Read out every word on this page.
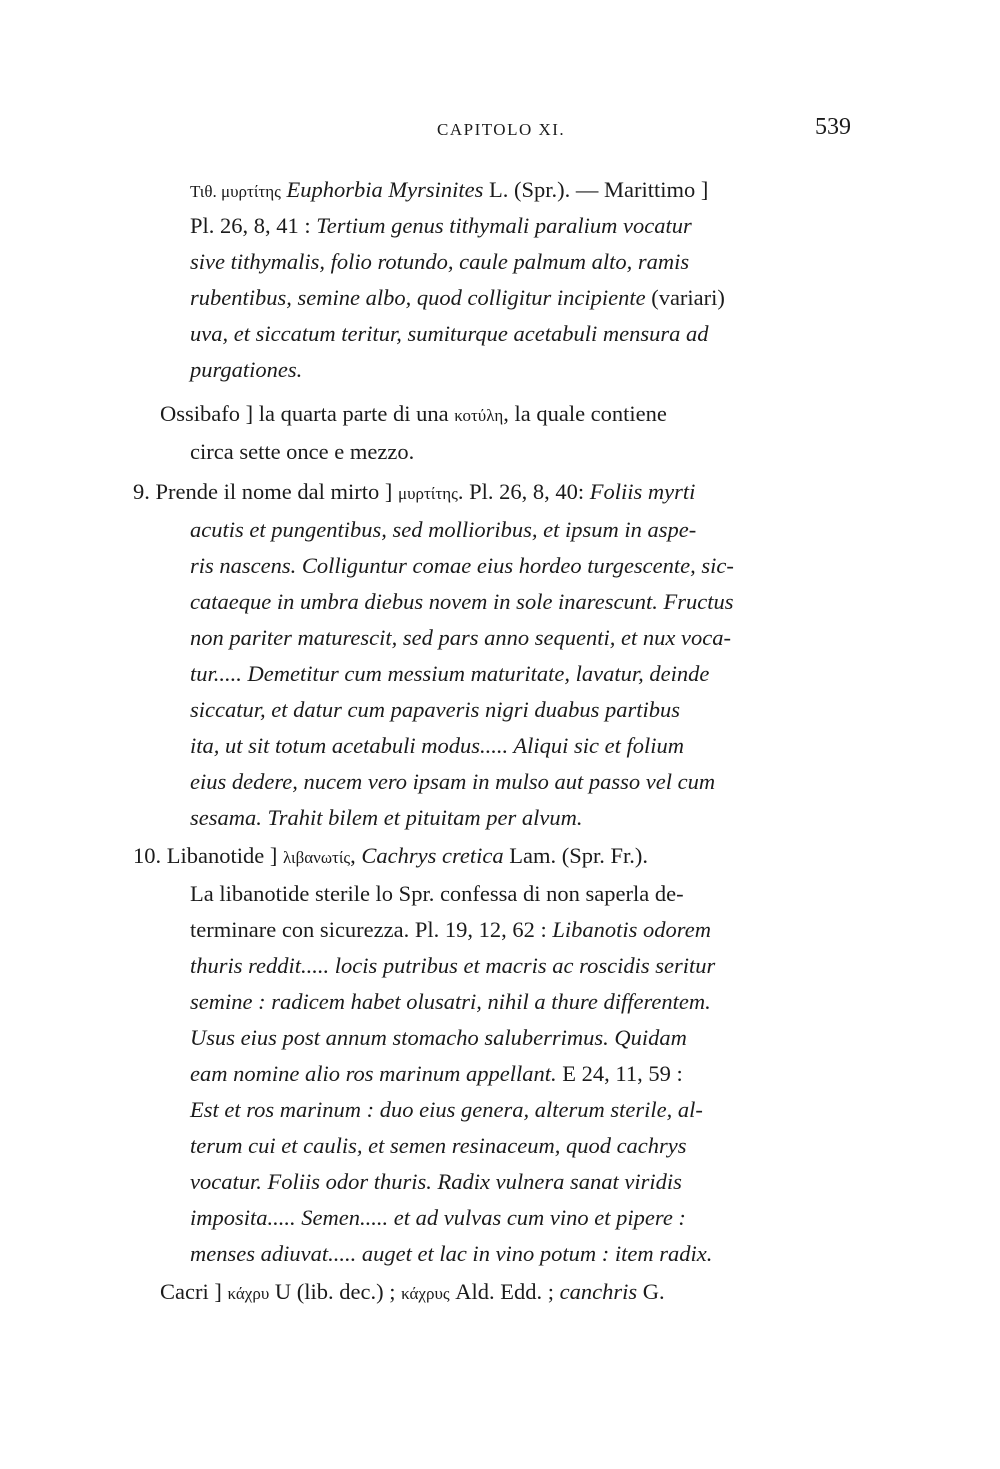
CAPITOLO XI.	539
Τιθ. μυρτίτης Euphorbia Myrsinites L. (Spr.). — Marittimo ]
Pl. 26, 8, 41 : Tertium genus tithymali paralium vocatur
sive tithymalis, folio rotundo, caule palmum alto, ramis
rubentibus, semine albo, quod colligitur incipiente (variari)
uva, et siccatum teritur, sumiturque acetabuli mensura ad
purgationes.
Ossibafo ] la quarta parte di una κοτύλη, la quale contiene
circa sette once e mezzo.
9. Prende il nome dal mirto ] μυρτίτης. Pl. 26, 8, 40: Foliis myrti
acutis et pungentibus, sed mollioribus, et ipsum in aspe-
ris nascens. Colliguntur comae eius hordeo turgescente, sic-
cataeque in umbra diebus novem in sole inarescunt. Fructus
non pariter maturescit, sed pars anno sequenti, et nux voca-
tur..... Demetitur cum messium maturitate, lavatur, deinde
siccatur, et datur cum papaveris nigri duabus partibus
ita, ut sit totum acetabuli modus..... Aliqui sic et folium
eius dedere, nucem vero ipsam in mulso aut passo vel cum
sesama. Trahit bilem et pituitam per alvum.
10. Libanotide ] λιβανωτίς, Cachrys cretica Lam. (Spr. Fr.).
La libanotide sterile lo Spr. confessa di non saperla de-
terminare con sicurezza. Pl. 19, 12, 62 : Libanotis odorem
thuris reddit..... locis putribus et macris ac roscidis seritur
semine : radicem habet olusatri, nihil a thure differentem.
Usus eius post annum stomacho saluberrimus. Quidam
eam nomine alio ros marinum appellant. E 24, 11, 59 :
Est et ros marinum : duo eius genera, alterum sterile, al-
terum cui et caulis, et semen resinaceum, quod cachrys
vocatur. Foliis odor thuris. Radix vulnera sanat viridis
imposita..... Semen..... et ad vulvas cum vino et pipere :
menses adiuvat..... auget et lac in vino potum : item radix.
Cacri ] κάχρυ U (lib. dec.) ; κάχρυς Ald. Edd. ; canchris G.
